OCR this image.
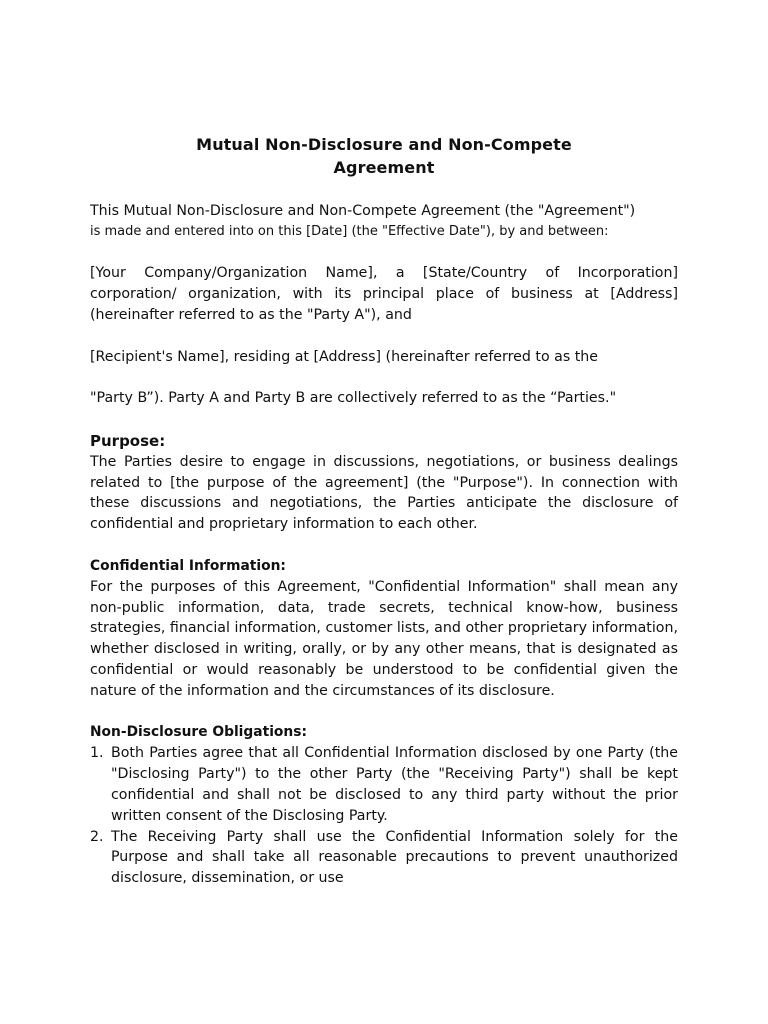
Mutual Non-Disclosure and Non-Compete
Agreement

This Mutual Non-Disclosure and Non-Compete Agreement (the "Agreement")

is made and entered into on this [Date] (the "Effective Date"), by and between:

[Your Company/Organization Name], a [State/Country of Incorporation] corporation/ organization, with its principal place of business at [Address] (hereinafter referred to as the "Party A"), and

[Recipient's Name], residing at [Address] (hereinafter referred to as the

"Party B”). Party A and Party B are collectively referred to as the “Parties."

Purpose:

The Parties desire to engage in discussions, negotiations, or business dealings related to [the purpose of the agreement] (the "Purpose"). In connection with these discussions and negotiations, the Parties anticipate the disclosure of confidential and proprietary information to each other.

Confidential Information:

For the purposes of this Agreement, "Confidential Information" shall mean any non-public information, data, trade secrets, technical know-how, business strategies, financial information, customer lists, and other proprietary information, whether disclosed in writing, orally, or by any other means, that is designated as confidential or would reasonably be understood to be confidential given the nature of the information and the circumstances of its disclosure.

Non-Disclosure Obligations:
1. Both Parties agree that all Confidential Information disclosed by one Party (the "Disclosing Party") to the other Party (the "Receiving Party") shall be kept confidential and shall not be disclosed to any third party without the prior written consent of the Disclosing Party.
2. The Receiving Party shall use the Confidential Information solely for the Purpose and shall take all reasonable precautions to prevent unauthorized disclosure, dissemination, or use
